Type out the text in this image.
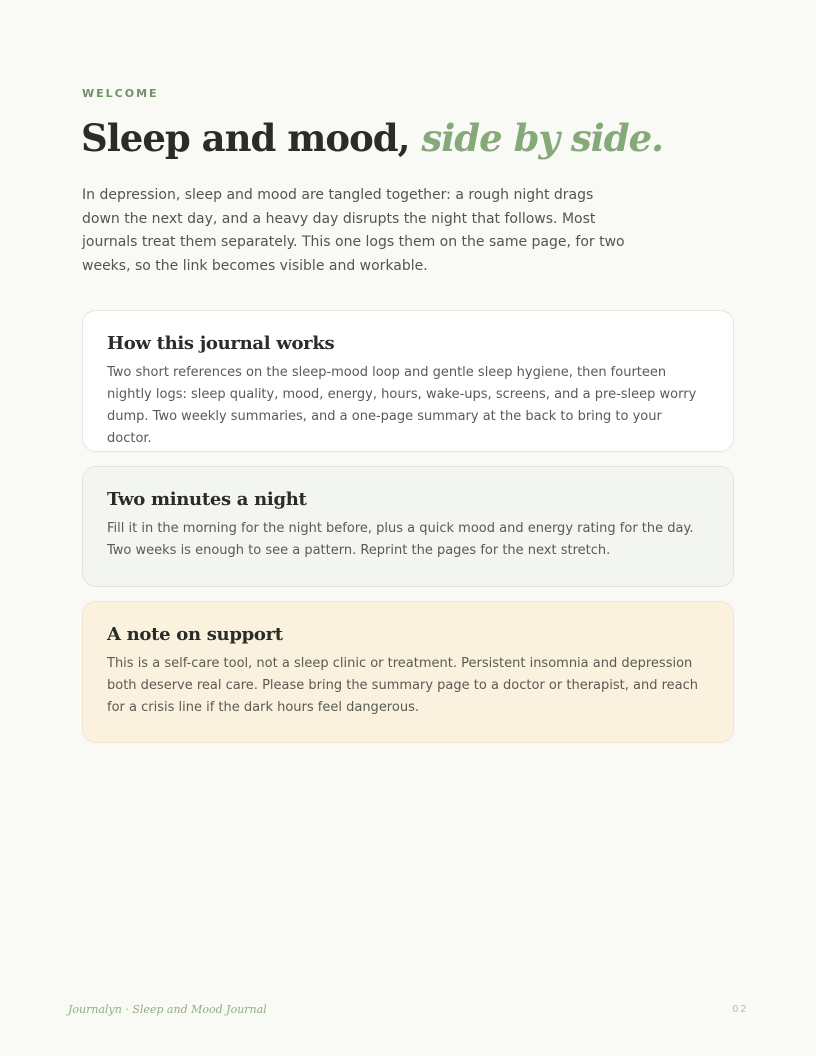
WELCOME
Sleep and mood, side by side.

In depression, sleep and mood are tangled together: a rough night drags down the next day, and a heavy day disrupts the night that follows. Most journals treat them separately. This one logs them on the same page, for two weeks, so the link becomes visible and workable.

How this journal works

Two short references on the sleep-mood loop and gentle sleep hygiene, then fourteen nightly logs: sleep quality, mood, energy, hours, wake-ups, screens, and a pre-sleep worry dump. Two weekly summaries, and a one-page summary at the back to bring to your doctor.

Two minutes a night

Fill it in the morning for the night before, plus a quick mood and energy rating for the day. Two weeks is enough to see a pattern. Reprint the pages for the next stretch.

A note on support

This is a self-care tool, not a sleep clinic or treatment. Persistent insomnia and depression both deserve real care. Please bring the summary page to a doctor or therapist, and reach for a crisis line if the dark hours feel dangerous.

Journalyn · Sleep and Mood Journal	02
